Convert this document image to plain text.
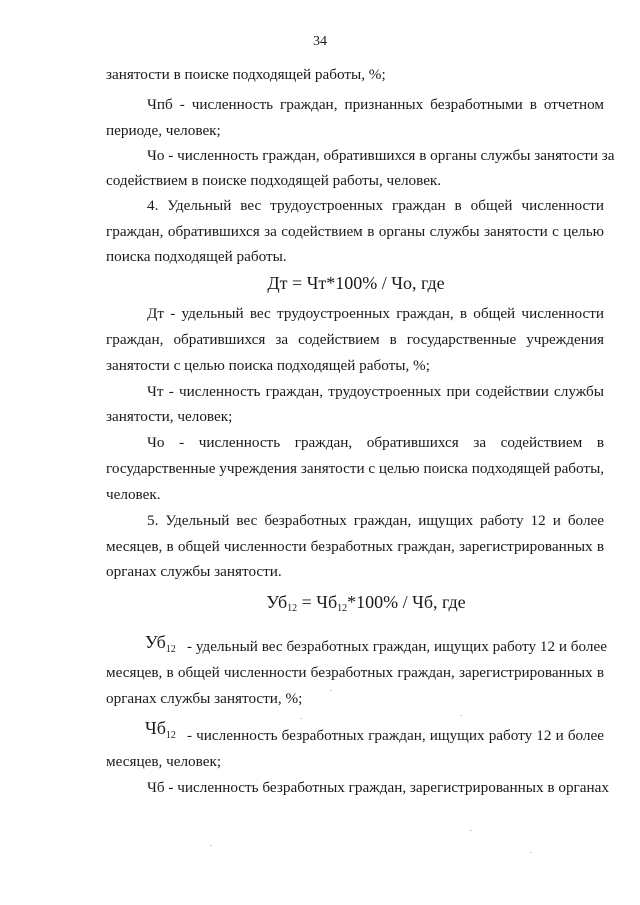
34
занятости в поиске подходящей работы, %;
Чпб - численность граждан, признанных безработными в отчетном
периоде, человек;
Чо - численность граждан, обратившихся в органы службы занятости за
содействием в поиске подходящей работы, человек.
4. Удельный вес трудоустроенных граждан в общей численности
граждан, обратившихся за содействием в органы службы занятости с целью
поиска подходящей работы.
Дт = Чт*100% / Чо, где
Дт - удельный вес трудоустроенных граждан, в общей численности
граждан, обратившихся за содействием в государственные учреждения
занятости с целью поиска подходящей работы, %;
Чт - численность граждан, трудоустроенных при содействии службы
занятости, человек;
Чо - численность граждан, обратившихся за содействием в
государственные учреждения занятости с целью поиска подходящей работы,
человек.
5. Удельный вес безработных граждан, ищущих работу 12 и более
месяцев, в общей численности безработных граждан, зарегистрированных в
органах службы занятости.
$Уб_{12} = Чб_{12}*100\%$ / Чб, где
$Уб_{12}$ - удельный вес безработных граждан, ищущих работу 12 и более
месяцев, в общей численности безработных граждан, зарегистрированных в
органах службы занятости, %;
$Чб_{12}$ - численность безработных граждан, ищущих работу 12 и более
месяцев, человек;
Чб - численность безработных граждан, зарегистрированных в органах
